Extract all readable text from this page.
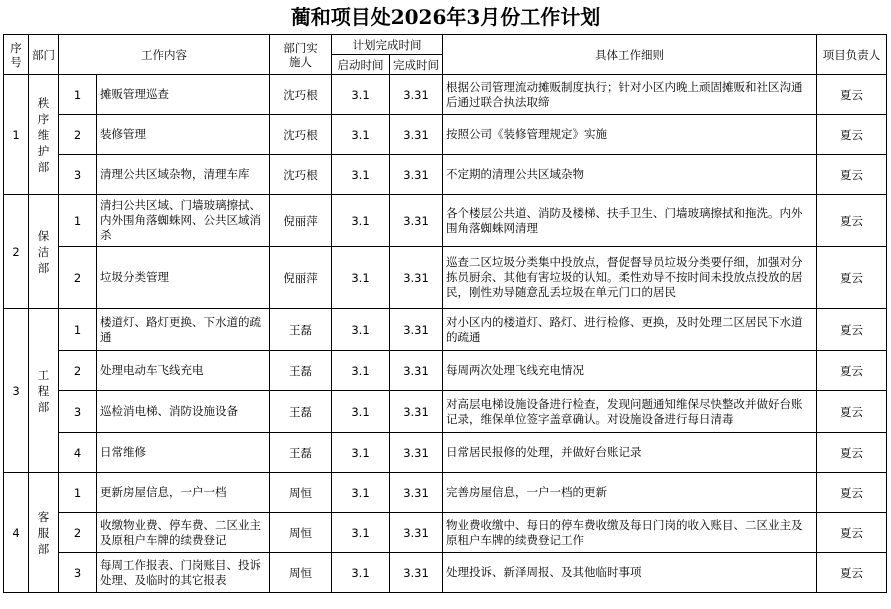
蔺和项目处2026年3月份工作计划
序号	部门	工作内容		部门实施人	计划完成时间		具体工作细则	项目负责人
					启动时间	完成时间		
1	秩序维护部	1	摊贩管理巡查	沈巧根	3.1	3.31	根据公司管理流动摊贩制度执行；针对小区内晚上顽固摊贩和社区沟通后通过联合执法取缔	夏云
		2	装修管理	沈巧根	3.1	3.31	按照公司《装修管理规定》实施	夏云
		3	清理公共区域杂物，清理车库	沈巧根	3.1	3.31	不定期的清理公共区域杂物	夏云
2	保洁部	1	清扫公共区域、门墙玻璃擦拭、内外围角落蜘蛛网、公共区域消杀	倪丽萍	3.1	3.31	各个楼层公共道、消防及楼梯、扶手卫生、门墙玻璃擦拭和拖洗。内外围角落蜘蛛网清理	夏云
		2	垃圾分类管理	倪丽萍	3.1	3.31	巡查二区垃圾分类集中投放点，督促督导员垃圾分类要仔细，加强对分拣员厨余、其他有害垃圾的认知。柔性劝导不按时间未投放点投放的居民，刚性劝导随意乱丢垃圾在单元门口的居民	夏云
3	工程部	1	楼道灯、路灯更换、下水道的疏通	王磊	3.1	3.31	对小区内的楼道灯、路灯、进行检修、更换，及时处理二区居民下水道的疏通	夏云
		2	处理电动车飞线充电	王磊	3.1	3.31	每周两次处理飞线充电情况	夏云
		3	巡检消电梯、消防设施设备	王磊	3.1	3.31	对高层电梯设施设备进行检查，发现问题通知维保尽快整改并做好台账记录，维保单位签字盖章确认。对设施设备进行每日清毒	夏云
		4	日常维修	王磊	3.1	3.31	日常居民报修的处理，并做好台账记录	夏云
4	客服部	1	更新房屋信息，一户一档	周恒	3.1	3.31	完善房屋信息，一户一档的更新	夏云
		2	收缴物业费、停车费、二区业主及原租户车牌的续费登记	周恒	3.1	3.31	物业费收缴中、每日的停车费收缴及每日门岗的收入账目、二区业主及原租户车牌的续费登记工作	夏云
		3	每周工作报表、门岗账目、投诉处理、及临时的其它报表	周恒	3.1	3.31	处理投诉、新泽周报、及其他临时事项	夏云
